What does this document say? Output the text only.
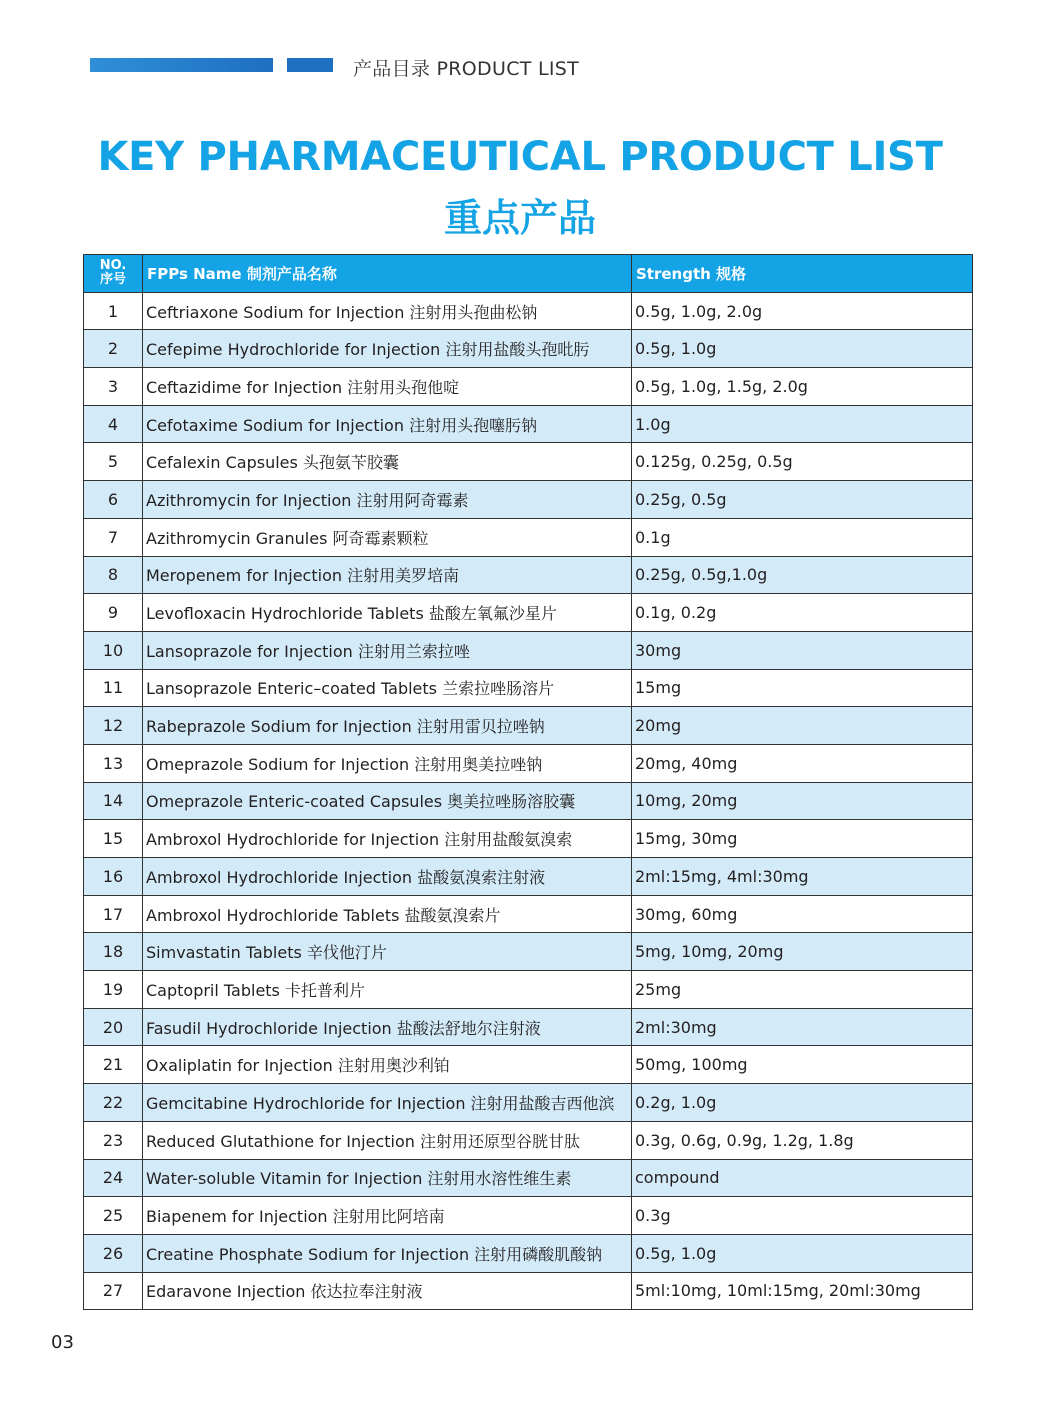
产品目录 PRODUCT LIST
KEY PHARMACEUTICAL PRODUCT LIST
重点产品
NO.
序号	FPPs Name 制剂产品名称	Strength 规格
1	Ceftriaxone Sodium for Injection 注射用头孢曲松钠	0.5g, 1.0g, 2.0g
2	Cefepime Hydrochloride for Injection 注射用盐酸头孢吡肟	0.5g, 1.0g
3	Ceftazidime for Injection 注射用头孢他啶	0.5g, 1.0g, 1.5g, 2.0g
4	Cefotaxime Sodium for Injection 注射用头孢噻肟钠	1.0g
5	Cefalexin Capsules 头孢氨苄胶囊	0.125g, 0.25g, 0.5g
6	Azithromycin for Injection 注射用阿奇霉素	0.25g, 0.5g
7	Azithromycin Granules 阿奇霉素颗粒	0.1g
8	Meropenem for Injection 注射用美罗培南	0.25g, 0.5g,1.0g
9	Levofloxacin Hydrochloride Tablets 盐酸左氧氟沙星片	0.1g, 0.2g
10	Lansoprazole for Injection 注射用兰索拉唑	30mg
11	Lansoprazole Enteric–coated Tablets 兰索拉唑肠溶片	15mg
12	Rabeprazole Sodium for Injection 注射用雷贝拉唑钠	20mg
13	Omeprazole Sodium for Injection 注射用奥美拉唑钠	20mg, 40mg
14	Omeprazole Enteric-coated Capsules 奥美拉唑肠溶胶囊	10mg, 20mg
15	Ambroxol Hydrochloride for Injection 注射用盐酸氨溴索	15mg, 30mg
16	Ambroxol Hydrochloride Injection 盐酸氨溴索注射液	2ml:15mg, 4ml:30mg
17	Ambroxol Hydrochloride Tablets 盐酸氨溴索片	30mg, 60mg
18	Simvastatin Tablets 辛伐他汀片	5mg, 10mg, 20mg
19	Captopril Tablets 卡托普利片	25mg
20	Fasudil Hydrochloride Injection 盐酸法舒地尔注射液	2ml:30mg
21	Oxaliplatin for Injection 注射用奥沙利铂	50mg, 100mg
22	Gemcitabine Hydrochloride for Injection 注射用盐酸吉西他滨	0.2g, 1.0g
23	Reduced Glutathione for Injection 注射用还原型谷胱甘肽	0.3g, 0.6g, 0.9g, 1.2g, 1.8g
24	Water-soluble Vitamin for Injection 注射用水溶性维生素	compound
25	Biapenem for Injection 注射用比阿培南	0.3g
26	Creatine Phosphate Sodium for Injection 注射用磷酸肌酸钠	0.5g, 1.0g
27	Edaravone Injection 依达拉奉注射液	5ml:10mg, 10ml:15mg, 20ml:30mg
03
